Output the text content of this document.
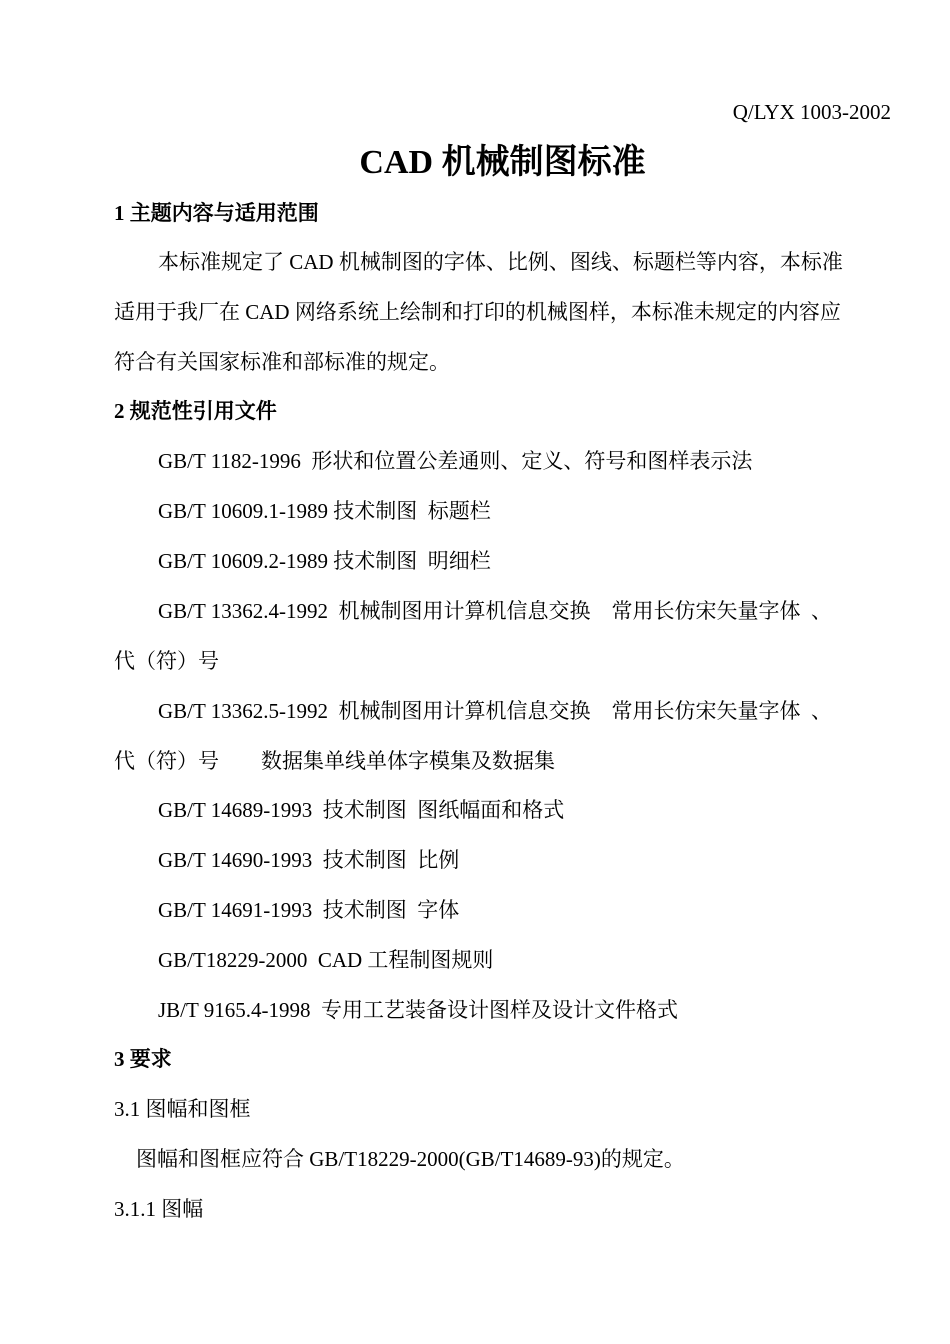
Q/LYX 1003-2002
CAD 机械制图标准
1 主题内容与适用范围
本标准规定了 CAD 机械制图的字体、比例、图线、标题栏等内容，本标准
适用于我厂在 CAD 网络系统上绘制和打印的机械图样，本标准未规定的内容应
符合有关国家标准和部标准的规定。
2 规范性引用文件
GB/T 1182-1996  形状和位置公差通则、定义、符号和图样表示法
GB/T 10609.1-1989 技术制图  标题栏
GB/T 10609.2-1989 技术制图  明细栏
GB/T 13362.4-1992  机械制图用计算机信息交换    常用长仿宋矢量字体  、
代（符）号
GB/T 13362.5-1992  机械制图用计算机信息交换    常用长仿宋矢量字体  、
代（符）号        数据集单线单体字模集及数据集
GB/T 14689-1993  技术制图  图纸幅面和格式
GB/T 14690-1993  技术制图  比例
GB/T 14691-1993  技术制图  字体
GB/T18229-2000  CAD 工程制图规则
JB/T 9165.4-1998  专用工艺装备设计图样及设计文件格式
3 要求
3.1 图幅和图框
图幅和图框应符合 GB/T18229-2000(GB/T14689-93)的规定。
3.1.1 图幅
